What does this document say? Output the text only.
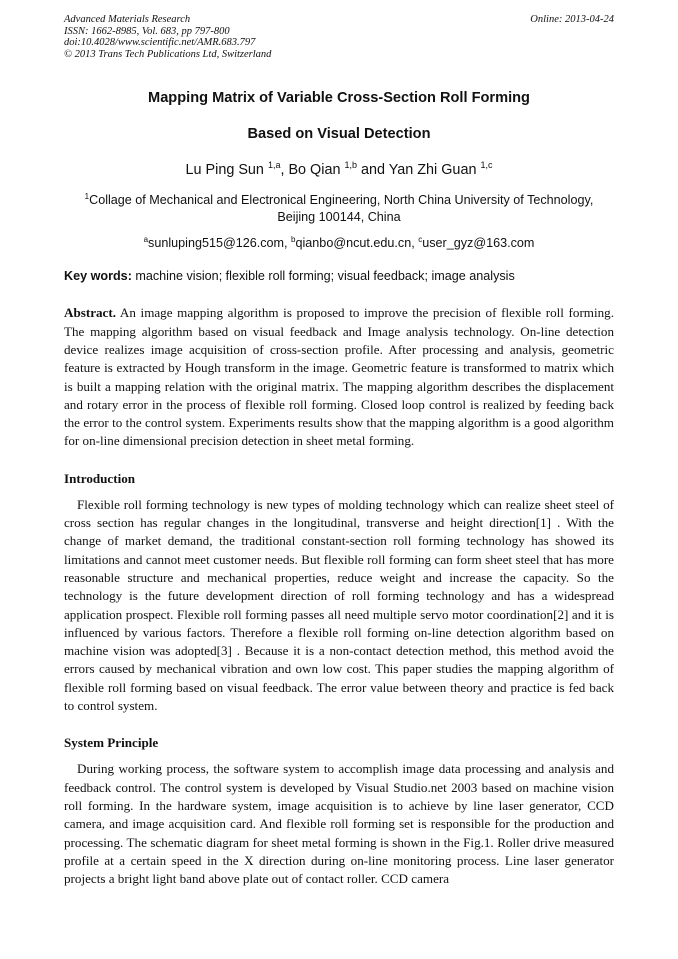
Advanced Materials Research
ISSN: 1662-8985, Vol. 683, pp 797-800
doi:10.4028/www.scientific.net/AMR.683.797
© 2013 Trans Tech Publications Ltd, Switzerland
Online: 2013-04-24
Mapping Matrix of Variable Cross-Section Roll Forming
Based on Visual Detection
Lu Ping Sun $^{1,a}$, Bo Qian $^{1,b}$ and Yan Zhi Guan $^{1,c}$
$^1$Collage of Mechanical and Electronical Engineering, North China University of Technology, Beijing 100144, China
$^a$sunluping515@126.com, $^b$qianbo@ncut.edu.cn, $^c$user_gyz@163.com
Key words: machine vision; flexible roll forming; visual feedback; image analysis
Abstract. An image mapping algorithm is proposed to improve the precision of flexible roll forming. The mapping algorithm based on visual feedback and Image analysis technology. On-line detection device realizes image acquisition of cross-section profile. After processing and analysis, geometric feature is extracted by Hough transform in the image. Geometric feature is transformed to matrix which is built a mapping relation with the original matrix. The mapping algorithm describes the displacement and rotary error in the process of flexible roll forming. Closed loop control is realized by feeding back the error to the control system. Experiments results show that the mapping algorithm is a good algorithm for on-line dimensional precision detection in sheet metal forming.
Introduction
Flexible roll forming technology is new types of molding technology which can realize sheet steel of cross section has regular changes in the longitudinal, transverse and height direction[1] . With the change of market demand, the traditional constant-section roll forming technology has showed its limitations and cannot meet customer needs. But flexible roll forming can form sheet steel that has more reasonable structure and mechanical properties, reduce weight and increase the capacity. So the technology is the future development direction of roll forming technology and has a widespread application prospect. Flexible roll forming passes all need multiple servo motor coordination[2] and it is influenced by various factors. Therefore a flexible roll forming on-line detection algorithm based on machine vision was adopted[3] . Because it is a non-contact detection method, this method avoid the errors caused by mechanical vibration and own low cost. This paper studies the mapping algorithm of flexible roll forming based on visual feedback. The error value between theory and practice is fed back to control system.
System Principle
During working process, the software system to accomplish image data processing and analysis and feedback control. The control system is developed by Visual Studio.net 2003 based on machine vision roll forming. In the hardware system, image acquisition is to achieve by line laser generator, CCD camera, and image acquisition card. And flexible roll forming set is responsible for the production and processing. The schematic diagram for sheet metal forming is shown in the Fig.1. Roller drive measured profile at a certain speed in the X direction during on-line monitoring process. Line laser generator projects a bright light band above plate out of contact roller. CCD camera
